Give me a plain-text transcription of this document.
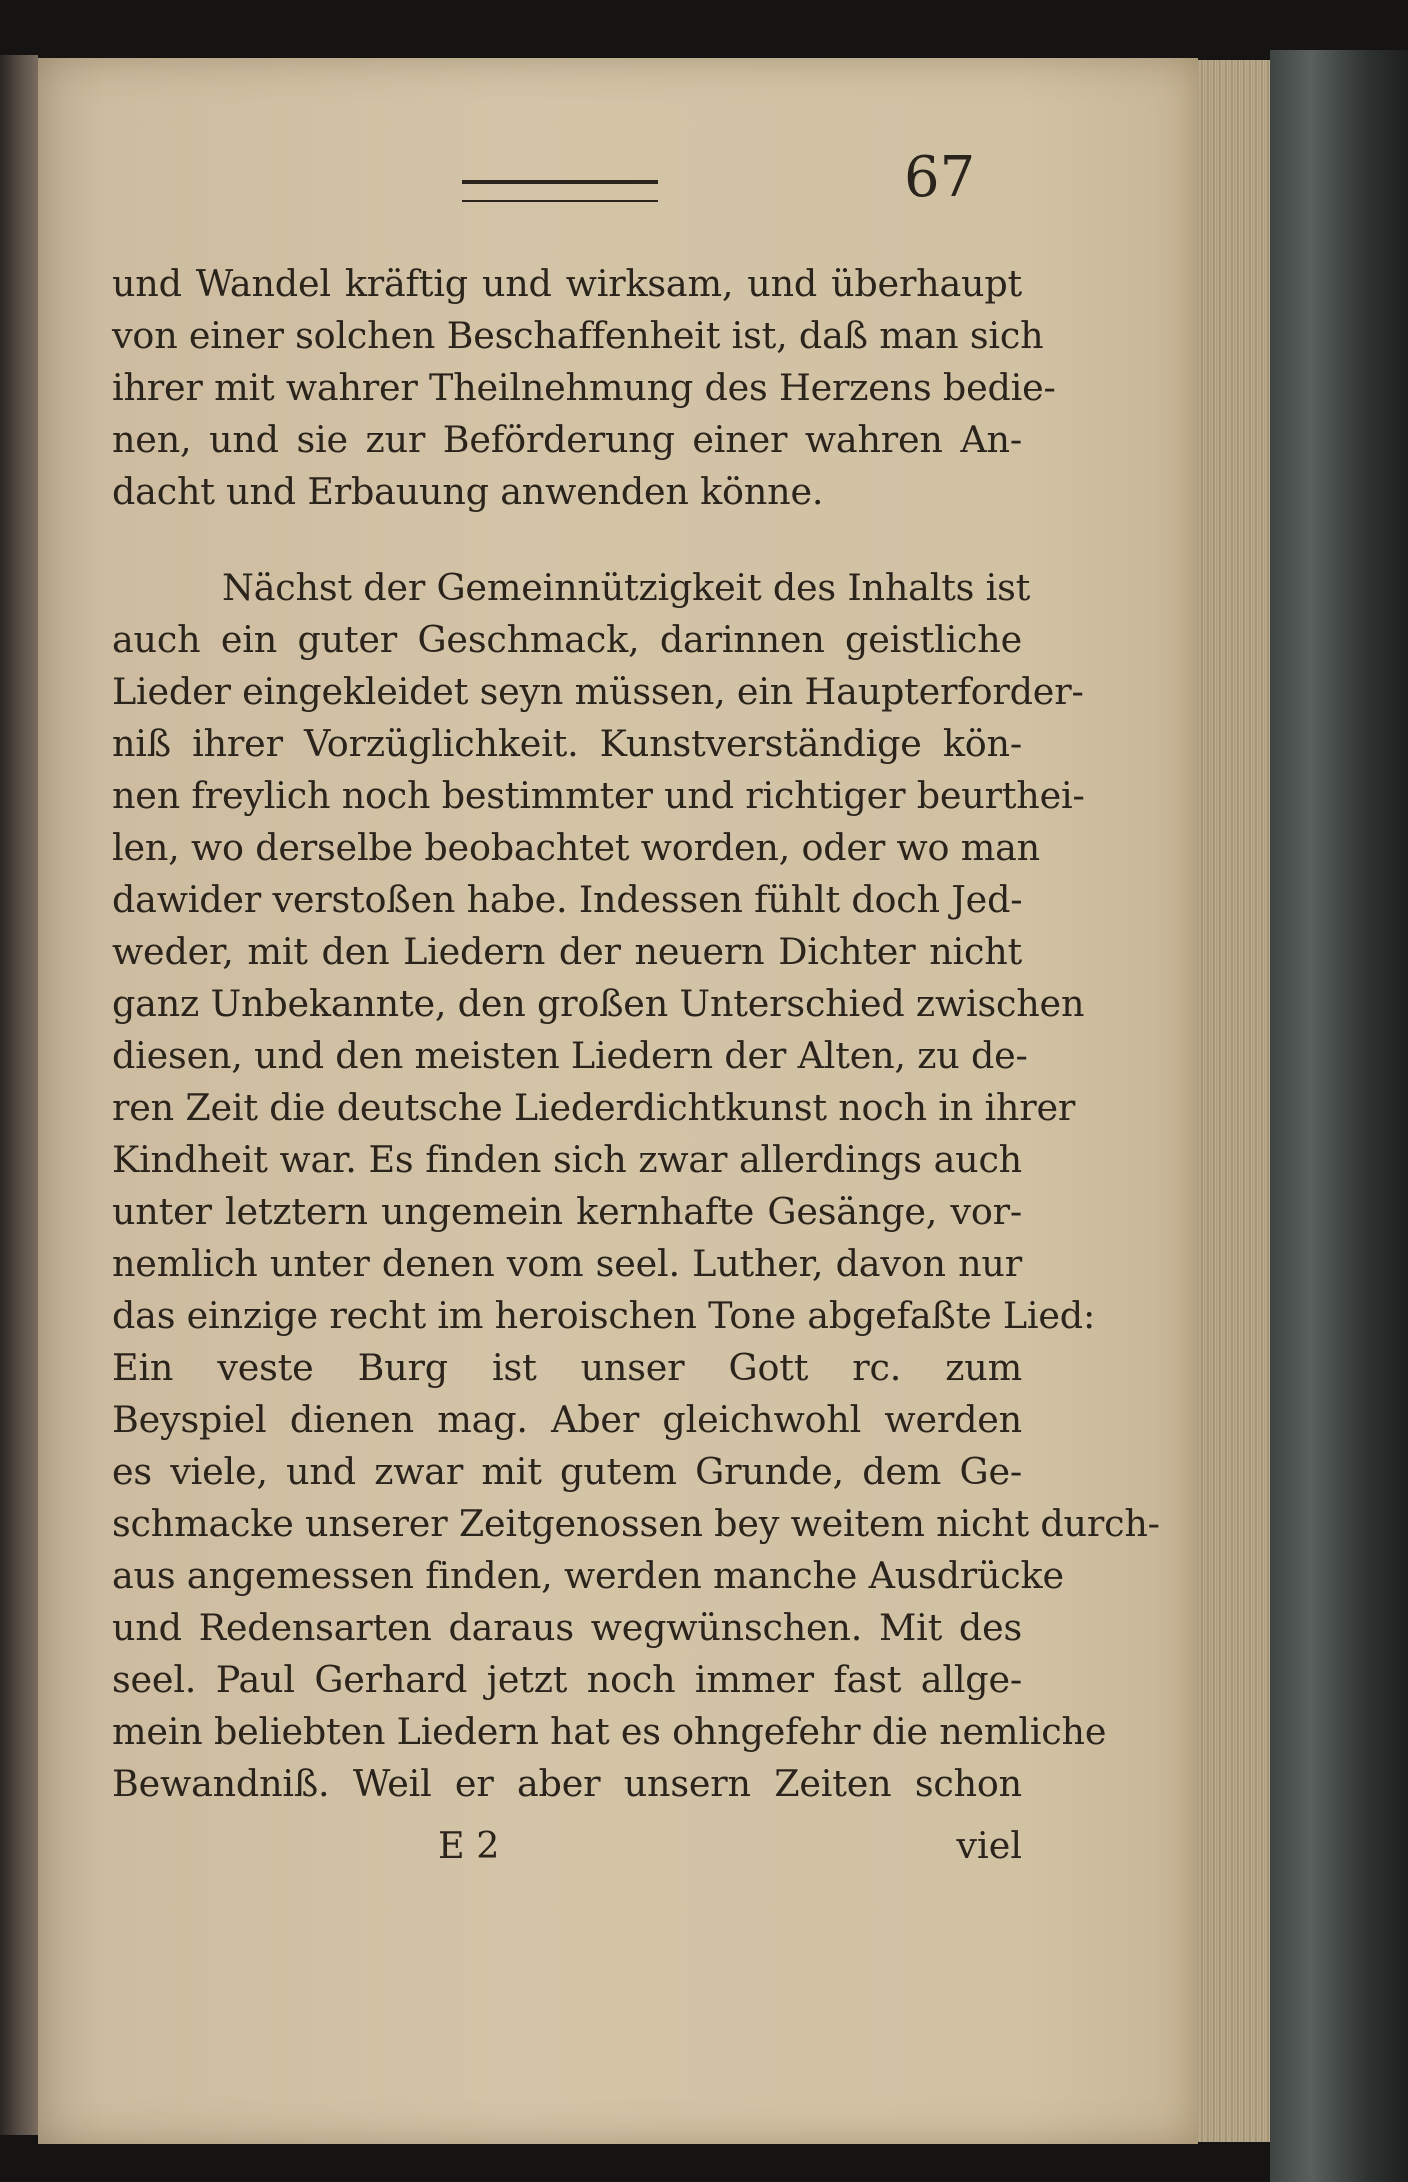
67
und Wandel kräftig und wirksam, und überhaupt
von einer solchen Beschaffenheit ist, daß man sich
ihrer mit wahrer Theilnehmung des Herzens bedie-
nen, und sie zur Beförderung einer wahren An-
dacht und Erbauung anwenden könne.
Nächst der Gemeinnützigkeit des Inhalts ist
auch ein guter Geschmack, darinnen geistliche
Lieder eingekleidet seyn müssen, ein Haupterforder-
niß ihrer Vorzüglichkeit. Kunstverständige kön-
nen freylich noch bestimmter und richtiger beurthei-
len, wo derselbe beobachtet worden, oder wo man
dawider verstoßen habe. Indessen fühlt doch Jed-
weder, mit den Liedern der neuern Dichter nicht
ganz Unbekannte, den großen Unterschied zwischen
diesen, und den meisten Liedern der Alten, zu de-
ren Zeit die deutsche Liederdichtkunst noch in ihrer
Kindheit war. Es finden sich zwar allerdings auch
unter letztern ungemein kernhafte Gesänge, vor-
nemlich unter denen vom seel. Luther, davon nur
das einzige recht im heroischen Tone abgefaßte Lied:
Ein veste Burg ist unser Gott rc. zum
Beyspiel dienen mag. Aber gleichwohl werden
es viele, und zwar mit gutem Grunde, dem Ge-
schmacke unserer Zeitgenossen bey weitem nicht durch-
aus angemessen finden, werden manche Ausdrücke
und Redensarten daraus wegwünschen. Mit des
seel. Paul Gerhard jetzt noch immer fast allge-
mein beliebten Liedern hat es ohngefehr die nemliche
Bewandniß. Weil er aber unsern Zeiten schon
E 2	viel
